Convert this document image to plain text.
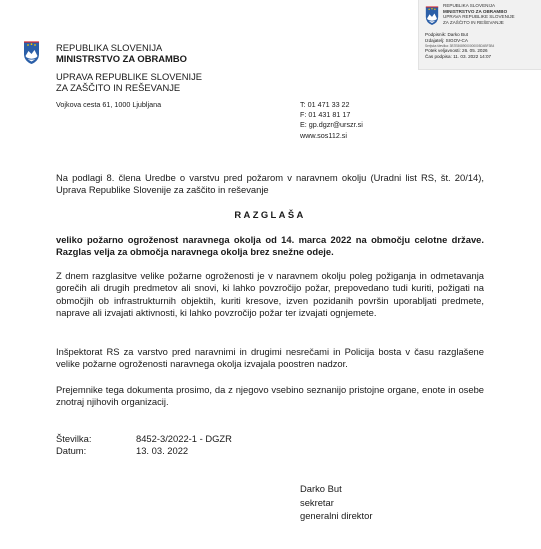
REPUBLIKA SLOVENIJA
MINISTRSTVO ZA OBRAMBO
UPRAVA REPUBLIKE SLOVENIJE
ZA ZAŠČITO IN REŠEVANJE
Podpisnik: Darko But
Izdajatelj: SIGOV-CA
Serijska številka: 3B7E8689000000005D4BF3B4
Potek veljavnosti: 26. 05. 2026
Čas podpisa: 11. 03. 2022 14:07
REPUBLIKA SLOVENIJA
MINISTRSTVO ZA OBRAMBO
UPRAVA REPUBLIKE SLOVENIJE
ZA ZAŠČITO IN REŠEVANJE
Vojkova cesta 61, 1000 Ljubljana	T: 01 471 33 22
F: 01 431 81 17
E: gp.dgzr@urszr.si
www.sos112.si
Na podlagi 8. člena Uredbe o varstvu pred požarom v naravnem okolju (Uradni list RS, št. 20/14), Uprava Republike Slovenije za zaščito in reševanje
RAZGLAŠA
veliko požarno ogroženost naravnega okolja od 14. marca 2022 na območju celotne države. Razglas velja za območja naravnega okolja brez snežne odeje.
Z dnem razglasitve velike požarne ogroženosti je v naravnem okolju poleg požiganja in odmetavanja gorečih ali drugih predmetov ali snovi, ki lahko povzročijo požar, prepovedano tudi kuriti, požigati na območjih ob infrastrukturnih objektih, kuriti kresove, izven pozidanih površin uporabljati predmete, naprave ali izvajati aktivnosti, ki lahko povzročijo požar ter izvajati ognjemete.
Inšpektorat RS za varstvo pred naravnimi in drugimi nesrečami in Policija bosta v času razglašene velike požarne ogroženosti naravnega okolja izvajala poostren nadzor.
Prejemnike tega dokumenta prosimo, da z njegovo vsebino seznanijo pristojne organe, enote in osebe znotraj njihovih organizacij.
Številka:	8452-3/2022-1 - DGZR
Datum:	13. 03. 2022
Darko But
sekretar
generalni direktor
